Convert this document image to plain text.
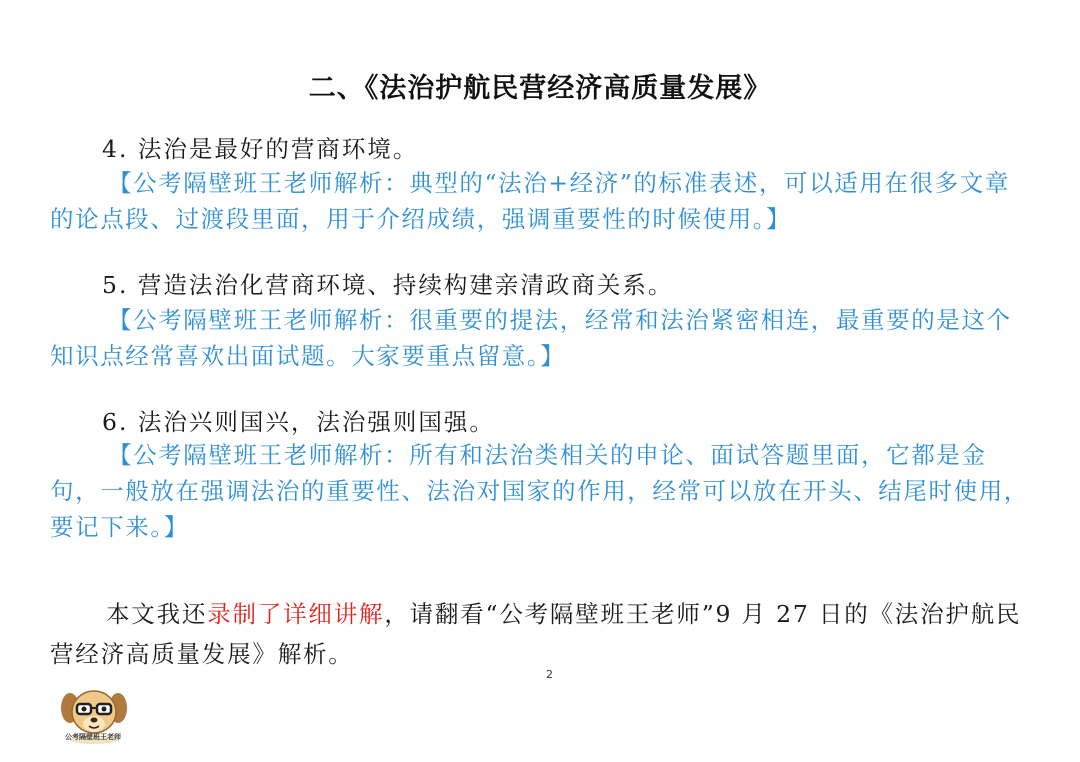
二、《法治护航民营经济高质量发展》
4. 法治是最好的营商环境。
【公考隔壁班王老师解析：典型的“法治+经济”的标准表述，可以适用在很多文章的论点段、过渡段里面，用于介绍成绩，强调重要性的时候使用。】
5. 营造法治化营商环境、持续构建亲清政商关系。
【公考隔壁班王老师解析：很重要的提法，经常和法治紧密相连，最重要的是这个知识点经常喜欢出面试题。大家要重点留意。】
6. 法治兴则国兴，法治强则国强。
【公考隔壁班王老师解析：所有和法治类相关的申论、面试答题里面，它都是金句，一般放在强调法治的重要性、法治对国家的作用，经常可以放在开头、结尾时使用，要记下来。】
本文我还录制了详细讲解，请翻看“公考隔壁班王老师”9 月 27 日的《法治护航民营经济高质量发展》解析。
2
公考隔壁班王老师
